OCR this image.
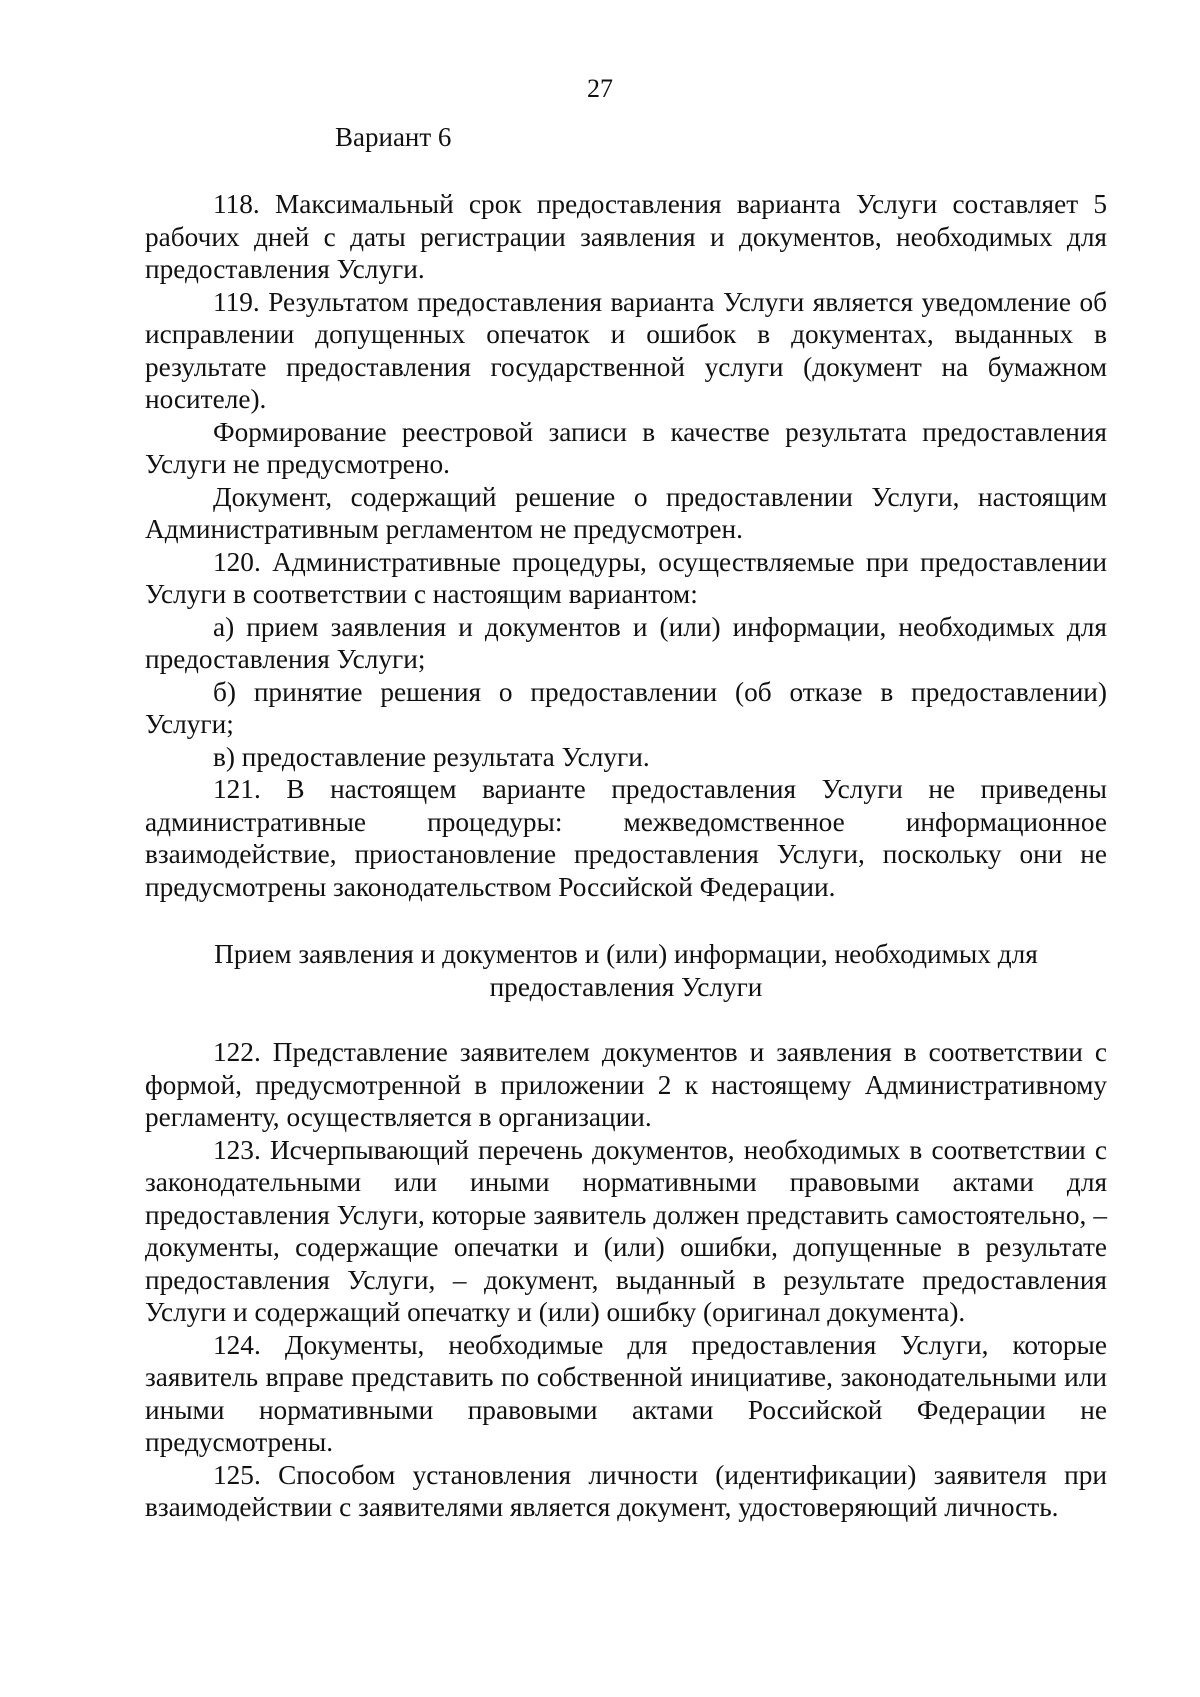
27
Вариант 6

118. Максимальный срок предоставления варианта Услуги составляет 5 рабочих дней с даты регистрации заявления и документов, необходимых для предоставления Услуги.

119. Результатом предоставления варианта Услуги является уведомление об исправлении допущенных опечаток и ошибок в документах, выданных в результате предоставления государственной услуги (документ на бумажном носителе).

Формирование реестровой записи в качестве результата предоставления Услуги не предусмотрено.

Документ, содержащий решение о предоставлении Услуги, настоящим Административным регламентом не предусмотрен.

120. Административные процедуры, осуществляемые при предоставлении Услуги в соответствии с настоящим вариантом:

а) прием заявления и документов и (или) информации, необходимых для предоставления Услуги;

б) принятие решения о предоставлении (об отказе в предоставлении) Услуги;

в) предоставление результата Услуги.

121. В настоящем варианте предоставления Услуги не приведены административные процедуры: межведомственное информационное взаимодействие, приостановление предоставления Услуги, поскольку они не предусмотрены законодательством Российской Федерации.

Прием заявления и документов и (или) информации, необходимых для
предоставления Услуги

122. Представление заявителем документов и заявления в соответствии с формой, предусмотренной в приложении 2 к настоящему Административному регламенту, осуществляется в организации.

123. Исчерпывающий перечень документов, необходимых в соответствии с законодательными или иными нормативными правовыми актами для предоставления Услуги, которые заявитель должен представить самостоятельно, – документы, содержащие опечатки и (или) ошибки, допущенные в результате предоставления Услуги, – документ, выданный в результате предоставления Услуги и содержащий опечатку и (или) ошибку (оригинал документа).

124. Документы, необходимые для предоставления Услуги, которые заявитель вправе представить по собственной инициативе, законодательными или иными нормативными правовыми актами Российской Федерации не предусмотрены.

125. Способом установления личности (идентификации) заявителя при взаимодействии с заявителями является документ, удостоверяющий личность.
